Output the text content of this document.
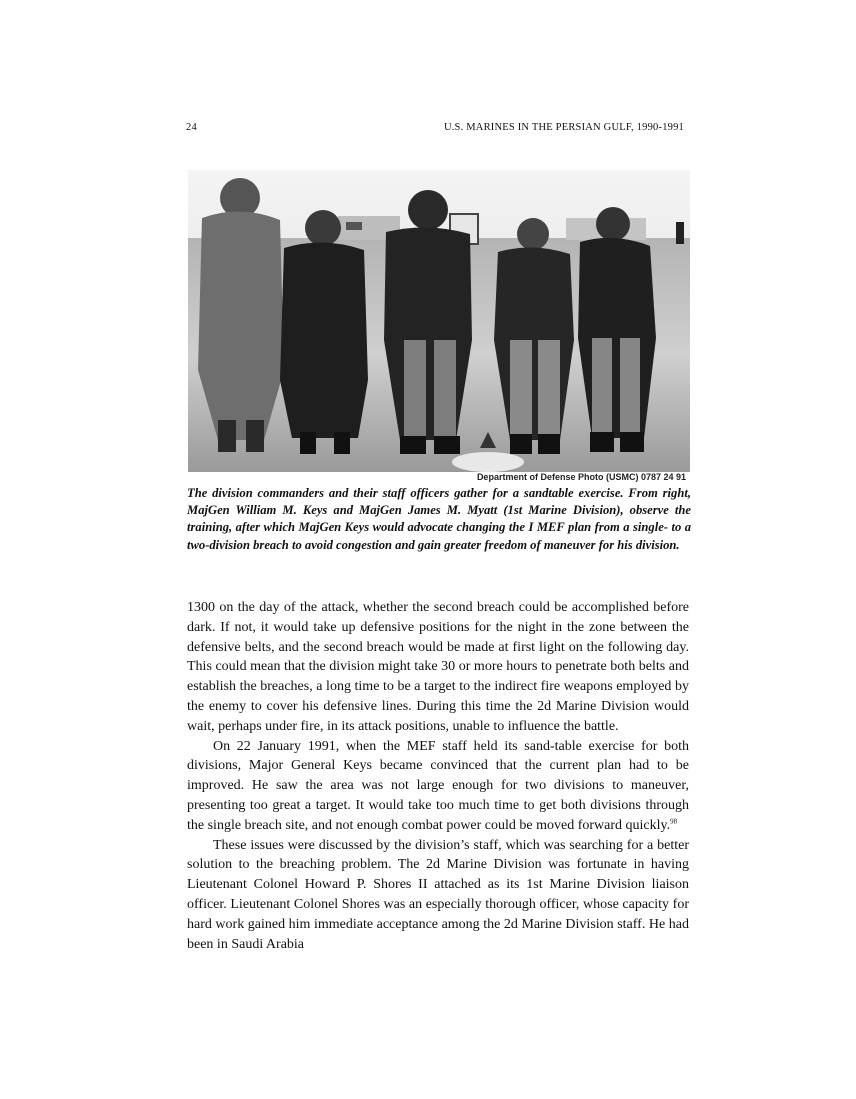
24	U.S. MARINES IN THE PERSIAN GULF, 1990-1991
Department of Defense Photo (USMC) 0787 24 91

The division commanders and their staff officers gather for a sandtable exercise. From right, MajGen William M. Keys and MajGen James M. Myatt (1st Marine Division), observe the training, after which MajGen Keys would advocate changing the I MEF plan from a single- to a two-division breach to avoid congestion and gain greater freedom of maneuver for his division.

1300 on the day of the attack, whether the second breach could be accomplished before dark. If not, it would take up defensive positions for the night in the zone between the defensive belts, and the second breach would be made at first light on the following day. This could mean that the division might take 30 or more hours to penetrate both belts and establish the breaches, a long time to be a target to the indirect fire weapons employed by the enemy to cover his defensive lines. During this time the 2d Marine Division would wait, perhaps under fire, in its attack positions, unable to influence the battle.

On 22 January 1991, when the MEF staff held its sand-table exercise for both divisions, Major General Keys became convinced that the current plan had to be improved. He saw the area was not large enough for two divisions to maneuver, presenting too great a target. It would take too much time to get both divisions through the single breach site, and not enough combat power could be moved forward quickly.$^{98}$

These issues were discussed by the division’s staff, which was searching for a better solution to the breaching problem. The 2d Marine Division was fortunate in having Lieutenant Colonel Howard P. Shores II attached as its 1st Marine Division liaison officer. Lieutenant Colonel Shores was an especially thorough officer, whose capacity for hard work gained him immediate acceptance among the 2d Marine Division staff. He had been in Saudi Arabia
